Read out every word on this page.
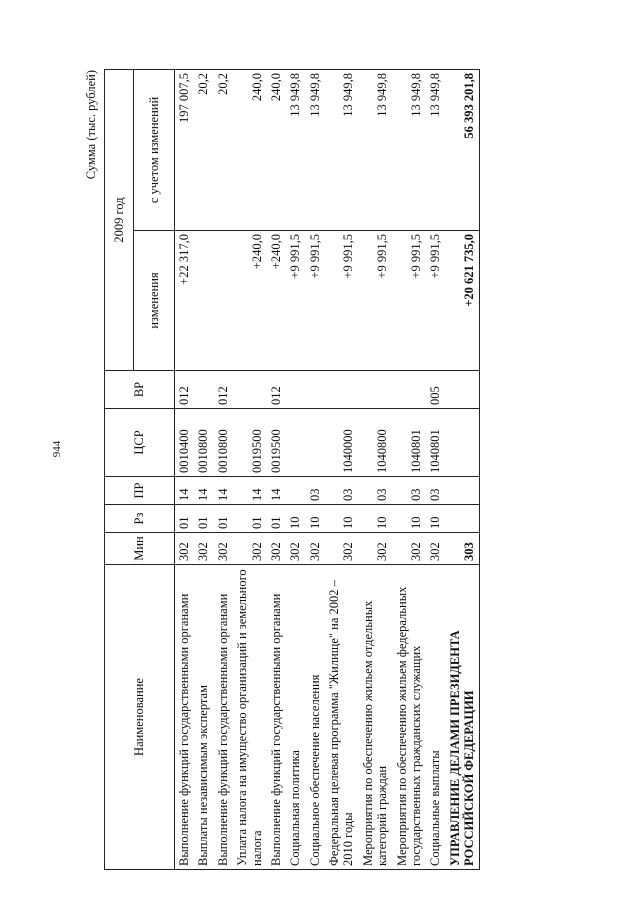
944
Сумма (тыс. рублей)
Наименование	Мин	Рз	ПР	ЦСР	ВР	2009 год	
						изменения	с учетом изменений
Выполнение функций государственными органами	302	01	14	0010400	012	+22 317,0	197 007,5
Выплаты независимым экспертам	302	01	14	0010800			20,2
Выполнение функций государственными органами	302	01	14	0010800	012		20,2
Уплата налога на имущество организаций и земельного налога	302	01	14	0019500		+240,0	240,0
Выполнение функций государственными органами	302	01	14	0019500	012	+240,0	240,0
Социальная политика	302	10				+9 991,5	13 949,8
Социальное обеспечение населения	302	10	03			+9 991,5	13 949,8
Федеральная целевая программа "Жилище" на 2002 – 2010 годы	302	10	03	1040000		+9 991,5	13 949,8
Мероприятия по обеспечению жильем отдельных категорий граждан	302	10	03	1040800		+9 991,5	13 949,8
Мероприятия по обеспечению жильем федеральных государственных гражданских служащих	302	10	03	1040801		+9 991,5	13 949,8
Социальные выплаты	302	10	03	1040801	005	+9 991,5	13 949,8
УПРАВЛЕНИЕ ДЕЛАМИ ПРЕЗИДЕНТА РОССИЙСКОЙ ФЕДЕРАЦИИ	303					+20 621 735,0	56 393 201,8
